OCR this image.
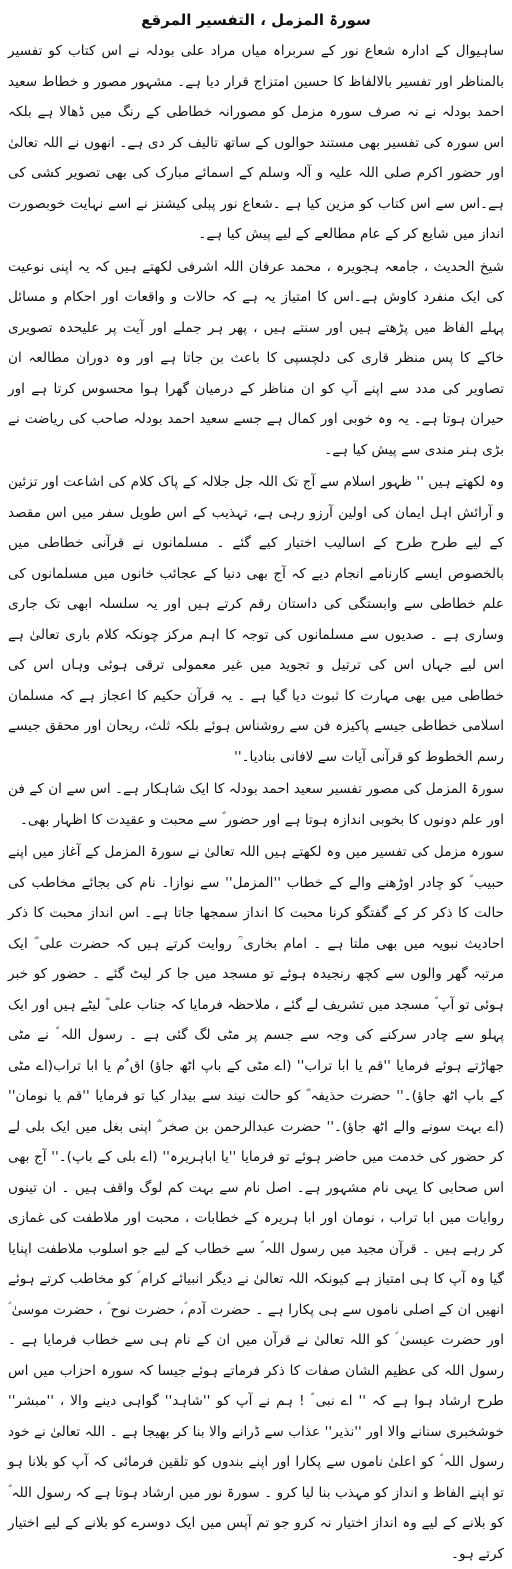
سورۃ المزمل ، التفسیر المرقع

ساہیوال کے ادارہ شعاع نور کے سربراہ میاں مراد علی بودلہ نے اس کتاب کو تفسیر بالمناظر اور تفسیر بالالفاظ کا حسین امتزاج قرار دیا ہے۔ مشہور مصور و خطاط سعید احمد بودلہ نے نہ صرف سورہ مزمل کو مصورانہ خطاطی کے رنگ میں ڈھالا ہے بلکہ اس سورہ کی تفسیر بھی مستند حوالوں کے ساتھ تالیف کر دی ہے۔ انھوں نے اللہ تعالیٰ اور حضور اکرم صلی اللہ علیہ و آلہ وسلم کے اسمائے مبارک کی بھی تصویر کشی کی ہے۔اس سے اس کتاب کو مزین کیا ہے ۔شعاع نور پبلی کیشنز نے اسے نہایت خوبصورت انداز میں شایع کر کے عام مطالعے کے لیے پیش کیا ہے۔

شیخ الحدیث ، جامعہ ہجویرہ ، محمد عرفان اللہ اشرفی لکھتے ہیں کہ یہ اپنی نوعیت کی ایک منفرد کاوش ہے۔اس کا امتیاز یہ ہے کہ حالات و واقعات اور احکام و مسائل پہلے الفاظ میں پڑھتے ہیں اور سنتے ہیں ، پھر ہر جملے اور آیت پر علیحدہ تصویری خاکے کا پس منظر قاری کی دلچسپی کا باعث بن جاتا ہے اور وہ دوران مطالعہ ان تصاویر کی مدد سے اپنے آپ کو ان مناظر کے درمیان گھرا ہوا محسوس کرتا ہے اور حیران ہوتا ہے۔ یہ وہ خوبی اور کمال ہے جسے سعید احمد بودلہ صاحب کی ریاضت نے بڑی ہنر مندی سے پیش کیا ہے۔

وہ لکھتے ہیں '' ظہور اسلام سے آج تک اللہ جل جلالہ کے پاک کلام کی اشاعت اور تزئین و آرائش اہل ایمان کی اولین آرزو رہی ہے، تہذیب کے اس طویل سفر میں اس مقصد کے لیے طرح طرح کے اسالیب اختیار کیے گئے ۔ مسلمانوں نے قرآنی خطاطی میں بالخصوص ایسے کارنامے انجام دیے کہ آج بھی دنیا کے عجائب خانوں میں مسلمانوں کی علم خطاطی سے وابستگی کی داستان رقم کرتے ہیں اور یہ سلسلہ ابھی تک جاری وساری ہے ۔ صدیوں سے مسلمانوں کی توجہ کا اہم مرکز چونکہ کلام باری تعالیٰ ہے اس لیے جہاں اس کی ترتیل و تجوید میں غیر معمولی ترقی ہوئی وہاں اس کی خطاطی میں بھی مہارت کا ثبوت دیا گیا ہے ۔ یہ قرآن حکیم کا اعجاز ہے کہ مسلمان اسلامی خطاطی جیسے پاکیزہ فن سے روشناس ہوئے بلکہ ثلث، ریحان اور محقق جیسے رسم الخطوط کو قرآنی آیات سے لافانی بنادیا۔''

سورۃ المزمل کی مصور تفسیر سعید احمد بودلہ کا ایک شاہکار ہے۔ اس سے ان کے فن اور علم دونوں کا بخوبی اندازہ ہوتا ہے اور حضور ؐ سے محبت و عقیدت کا اظہار بھی۔

سورہ مزمل کی تفسیر میں وہ لکھتے ہیں اللہ تعالیٰ نے سورۃ المزمل کے آغاز میں اپنے حبیب ؐ کو چادر اوڑھنے والے کے خطاب ''المزمل'' سے نوازا۔ نام کی بجائے مخاطب کی حالت کا ذکر کر کے گفتگو کرنا محبت کا انداز سمجھا جاتا ہے۔ اس انداز محبت کا ذکر احادیث نبویہ میں بھی ملتا ہے ۔ امام بخاری ؒ روایت کرتے ہیں کہ حضرت علی ؓ ایک مرتبہ گھر والوں سے کچھ رنجیدہ ہوئے تو مسجد میں جا کر لیٹ گئے ۔ حضور کو خبر ہوئی تو آپ ؐ مسجد میں تشریف لے گئے ، ملاحظہ فرمایا کہ جناب علی ؓ لیٹے ہیں اور ایک پہلو سے چادر سرکنے کی وجہ سے جسم پر مٹی لگ گئی ہے ۔ رسول اللہ ؐ نے مٹی جھاڑتے ہوئے فرمایا ''قم یا ابا تراب'' (اے مٹی کے باپ اٹھ جاؤ) اق ُم یا ابا تراب(اے مٹی کے باپ اٹھ جاؤ)۔'' حضرت حذیفہ ؓ کو حالت نیند سے بیدار کیا تو فرمایا ''قم یا نومان'' (اے بہت سونے والے اٹھ جاؤ)۔'' حضرت عبدالرحمن بن صخر ؓ اپنی بغل میں ایک بلی لے کر حضور کی خدمت میں حاضر ہوئے تو فرمایا ''یا اباہریرہ'' (اے بلی کے باپ)۔'' آج بھی اس صحابی کا یہی نام مشہور ہے۔ اصل نام سے بہت کم لوگ واقف ہیں ۔ ان تینوں روایات میں ابا تراب ، نومان اور ابا ہریرہ کے خطابات ، محبت اور ملاطفت کی غمازی کر رہے ہیں ۔ قرآن مجید میں رسول اللہ ؐ سے خطاب کے لیے جو اسلوب ملاطفت اپنایا گیا وہ آپ کا ہی امتیاز ہے کیونکہ اللہ تعالیٰ نے دیگر انبیائے کرام ؑ کو مخاطب کرتے ہوئے انھیں ان کے اصلی ناموں سے ہی پکارا ہے ۔ حضرت آدم ؑ، حضرت نوح ؑ ، حضرت موسیٰ ؑ اور حضرت عیسیٰ ؑ کو اللہ تعالیٰ نے قرآن میں ان کے نام ہی سے خطاب فرمایا ہے ۔ رسول اللہ کی عظیم الشان صفات کا ذکر فرماتے ہوئے جیسا کہ سورہ احزاب میں اس طرح ارشاد ہوا ہے کہ '' اے نبی ؐ ! ہم نے آپ کو ''شاہد'' گواہی دینے والا ، ''مبشر'' خوشخبری سنانے والا اور ''نذیر'' عذاب سے ڈرانے والا بنا کر بھیجا ہے ۔ اللہ تعالیٰ نے خود رسول اللہ ؐ کو اعلیٰ ناموں سے پکارا اور اپنے بندوں کو تلقین فرمائی کہ آپ کو بلانا ہو تو اپنے الفاظ و انداز کو مہذب بنا لیا کرو ۔ سورۃ نور میں ارشاد ہوتا ہے کہ رسول اللہ ؐ کو بلانے کے لیے وہ انداز اختیار نہ کرو جو تم آپس میں ایک دوسرے کو بلانے کے لیے اختیار کرتے ہو۔
